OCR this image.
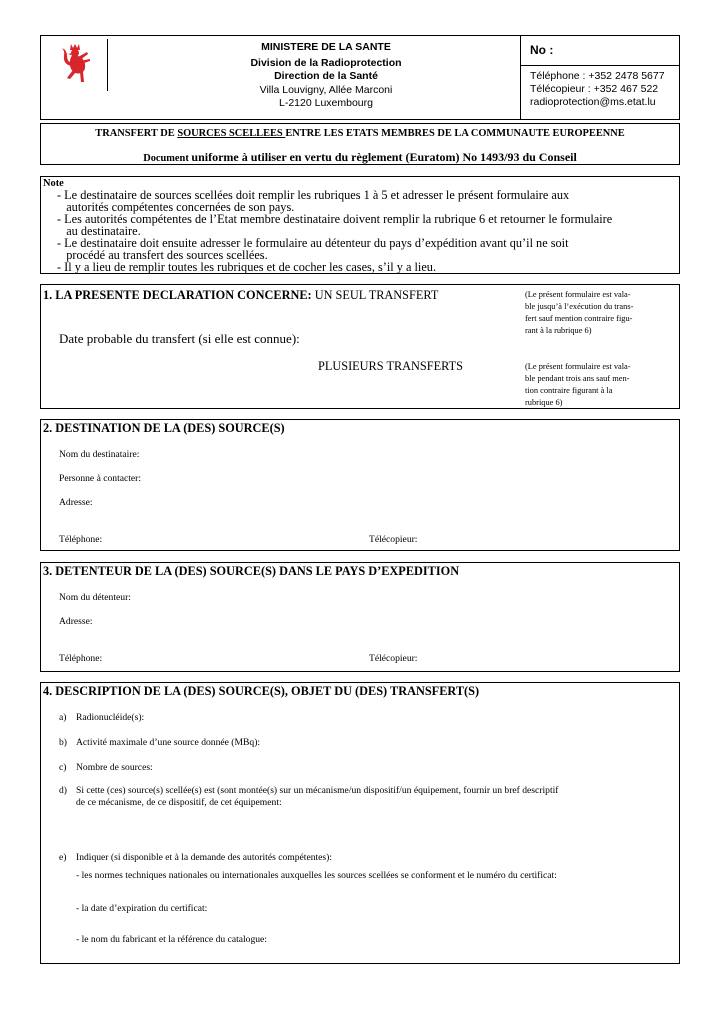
MINISTERE DE LA SANTE
Division de la Radioprotection
Direction de la Santé
Villa Louvigny, Allée Marconi
L-2120 Luxembourg
No :
Téléphone : +352 2478 5677
Télécopieur : +352 467 522
radioprotection@ms.etat.lu
TRANSFERT DE SOURCES SCELLEES ENTRE LES ETATS MEMBRES DE LA COMMUNAUTE EUROPEENNE
Document uniforme à utiliser en vertu du règlement (Euratom) No 1493/93 du Conseil
Note
- Le destinataire de sources scellées doit remplir les rubriques 1 à 5 et adresser le présent formulaire aux
autorités compétentes concernées de son pays.
- Les autorités compétentes de l’Etat membre destinataire doivent remplir la rubrique 6 et retourner le formulaire
au destinataire.
- Le destinataire doit ensuite adresser le formulaire au détenteur du pays d’expédition avant qu’il ne soit
procédé au transfert des sources scellées.
- Il y a lieu de remplir toutes les rubriques et de cocher les cases, s’il y a lieu.
1. LA PRESENTE DECLARATION CONCERNE: UN SEUL TRANSFERT	(Le présent formulaire est vala-
ble jusqu’à l’exécution du trans-
fert sauf mention contraire figu-
rant à la rubrique 6)
Date probable du transfert (si elle est connue):
PLUSIEURS TRANSFERTS	(Le présent formulaire est vala-
ble pendant trois ans sauf men-
tion contraire figurant à la
rubrique 6)
2. DESTINATION DE LA (DES) SOURCE(S)
Nom du destinataire:
Personne à contacter:
Adresse:
Téléphone:	Télécopieur:
3. DETENTEUR DE LA (DES) SOURCE(S) DANS LE PAYS D’EXPEDITION
Nom du détenteur:
Adresse:
Téléphone:	Télécopieur:
4. DESCRIPTION DE LA (DES) SOURCE(S), OBJET DU (DES) TRANSFERT(S)
a) Radionucléide(s):
b) Activité maximale d’une source donnée (MBq):
c) Nombre de sources:
d) Si cette (ces) source(s) scellée(s) est (sont montée(s) sur un mécanisme/un dispositif/un équipement, fournir un bref descriptif
de ce mécanisme, de ce dispositif, de cet équipement:
e) Indiquer (si disponible et à la demande des autorités compétentes):
- les normes techniques nationales ou internationales auxquelles les sources scellées se conforment et le numéro du certificat:
- la date d’expiration du certificat:
- le nom du fabricant et la référence du catalogue:
